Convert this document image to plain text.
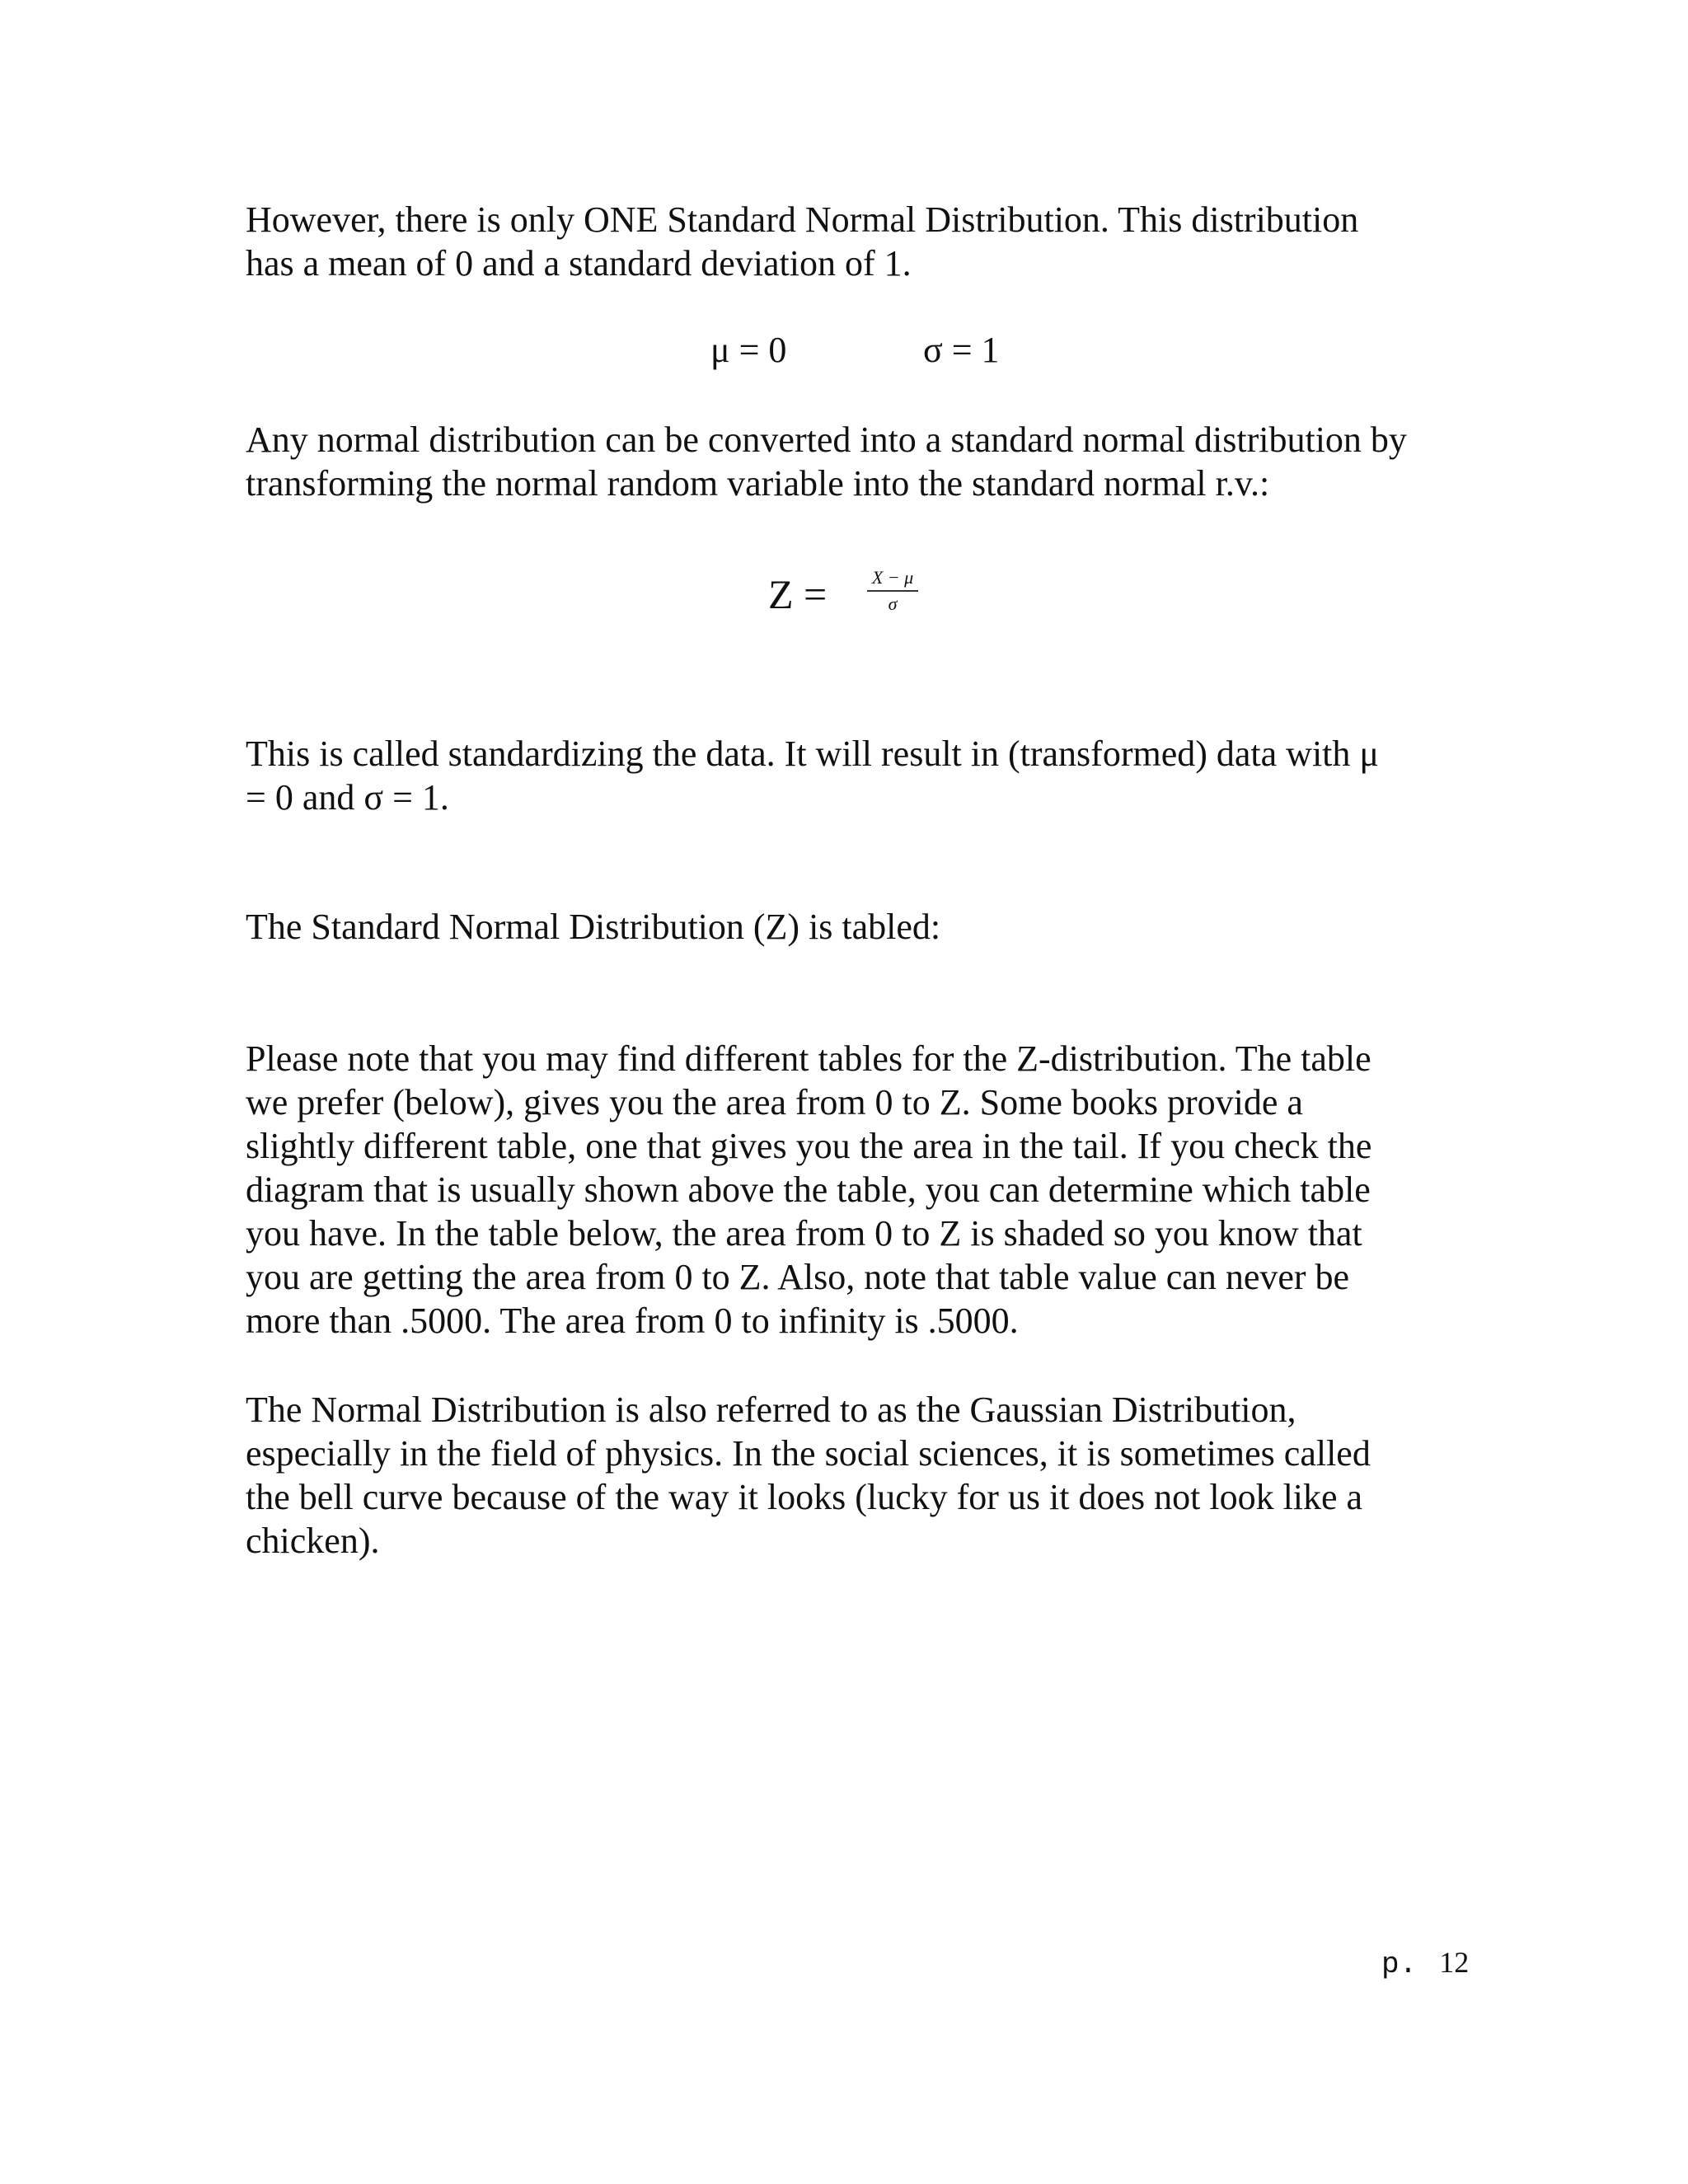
However, there is only ONE Standard Normal Distribution. This distribution
has a mean of 0 and a standard deviation of 1.
μ = 0	σ = 1
Any normal distribution can be converted into a standard normal distribution by
transforming the normal random variable into the standard normal r.v.:
$Z = \frac{X - \mu}{\sigma}$
This is called standardizing the data. It will result in (transformed) data with μ
= 0 and σ = 1.
The Standard Normal Distribution (Z) is tabled:
Please note that you may find different tables for the Z-distribution. The table
we prefer (below), gives you the area from 0 to Z. Some books provide a
slightly different table, one that gives you the area in the tail. If you check the
diagram that is usually shown above the table, you can determine which table
you have. In the table below, the area from 0 to Z is shaded so you know that
you are getting the area from 0 to Z. Also, note that table value can never be
more than .5000. The area from 0 to infinity is .5000.
The Normal Distribution is also referred to as the Gaussian Distribution,
especially in the field of physics. In the social sciences, it is sometimes called
the bell curve because of the way it looks (lucky for us it does not look like a
chicken).
p. 12
